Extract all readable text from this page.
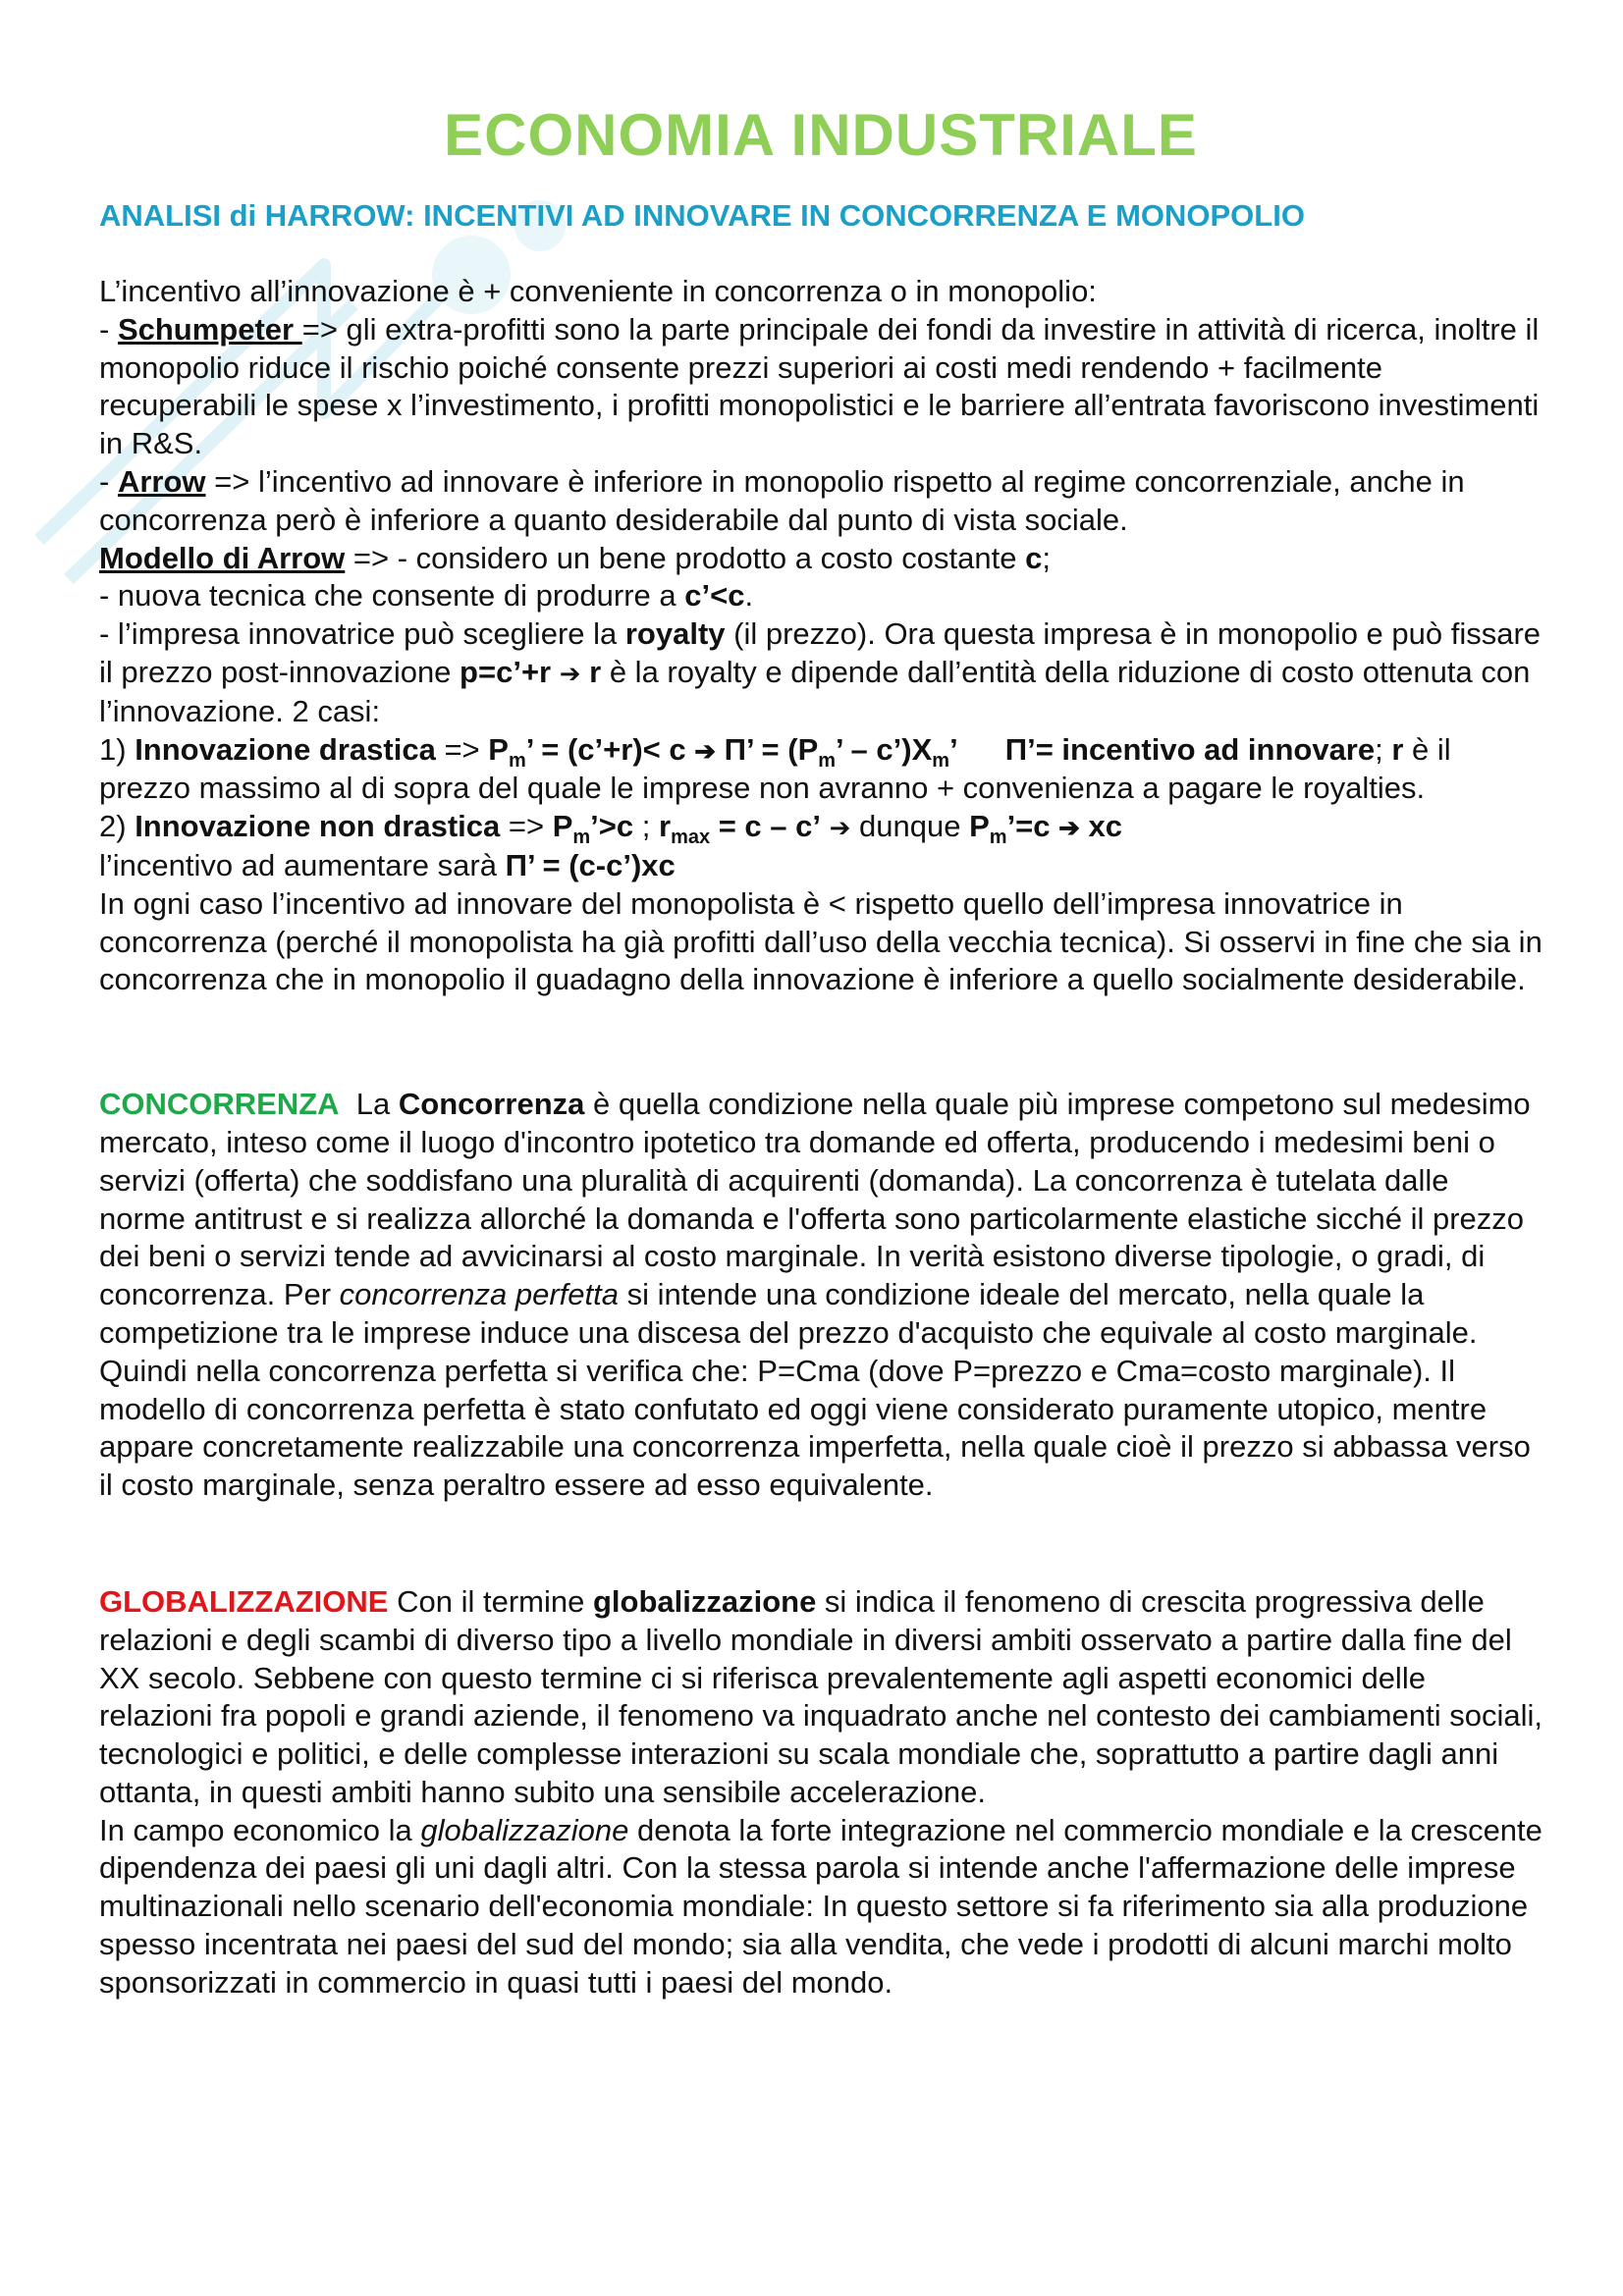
ECONOMIA INDUSTRIALE
ANALISI di HARROW: INCENTIVI AD INNOVARE IN CONCORRENZA E MONOPOLIO

L’incentivo all’innovazione è + conveniente in concorrenza o in monopolio:

- Schumpeter => gli extra-profitti sono la parte principale dei fondi da investire in attività di ricerca, inoltre il monopolio riduce il rischio poiché consente prezzi superiori ai costi medi rendendo + facilmente recuperabili le spese x l’investimento, i profitti monopolistici e le barriere all’entrata favoriscono investimenti in R&S.

- Arrow => l’incentivo ad innovare è inferiore in monopolio rispetto al regime concorrenziale, anche in concorrenza però è inferiore a quanto desiderabile dal punto di vista sociale.

Modello di Arrow => - considero un bene prodotto a costo costante c;

- nuova tecnica che consente di produrre a c’<c.

- l’impresa innovatrice può scegliere la royalty (il prezzo). Ora questa impresa è in monopolio e può fissare il prezzo post-innovazione p=c’+r ➔ r è la royalty e dipende dall’entità della riduzione di costo ottenuta con l’innovazione. 2 casi:

1) Innovazione drastica => $P_m$’ = (c’+r)< c ➔ Π’ = ($P_m$’ – $c’)X_m$’ Π’= incentivo ad innovare; r è il prezzo massimo al di sopra del quale le imprese non avranno + convenienza a pagare le royalties.

2) Innovazione non drastica => $P_m’>c$ ; $r_{max} = c - c$’ ➔ dunque $P_m’=c$ ➔ xc

l’incentivo ad aumentare sarà Π’ = (c-c’)xc

In ogni caso l’incentivo ad innovare del monopolista è < rispetto quello dell’impresa innovatrice in concorrenza (perché il monopolista ha già profitti dall’uso della vecchia tecnica). Si osservi in fine che sia in concorrenza che in monopolio il guadagno della innovazione è inferiore a quello socialmente desiderabile.

CONCORRENZA  La Concorrenza è quella condizione nella quale più imprese competono sul medesimo mercato, inteso come il luogo d'incontro ipotetico tra domande ed offerta, producendo i medesimi beni o servizi (offerta) che soddisfano una pluralità di acquirenti (domanda). La concorrenza è tutelata dalle norme antitrust e si realizza allorché la domanda e l'offerta sono particolarmente elastiche sicché il prezzo dei beni o servizi tende ad avvicinarsi al costo marginale. In verità esistono diverse tipologie, o gradi, di concorrenza. Per concorrenza perfetta si intende una condizione ideale del mercato, nella quale la competizione tra le imprese induce una discesa del prezzo d'acquisto che equivale al costo marginale. Quindi nella concorrenza perfetta si verifica che: P=Cma (dove P=prezzo e Cma=costo marginale). Il modello di concorrenza perfetta è stato confutato ed oggi viene considerato puramente utopico, mentre appare concretamente realizzabile una concorrenza imperfetta, nella quale cioè il prezzo si abbassa verso il costo marginale, senza peraltro essere ad esso equivalente.

GLOBALIZZAZIONE Con il termine globalizzazione si indica il fenomeno di crescita progressiva delle relazioni e degli scambi di diverso tipo a livello mondiale in diversi ambiti osservato a partire dalla fine del XX secolo. Sebbene con questo termine ci si riferisca prevalentemente agli aspetti economici delle relazioni fra popoli e grandi aziende, il fenomeno va inquadrato anche nel contesto dei cambiamenti sociali, tecnologici e politici, e delle complesse interazioni su scala mondiale che, soprattutto a partire dagli anni ottanta, in questi ambiti hanno subito una sensibile accelerazione.

In campo economico la globalizzazione denota la forte integrazione nel commercio mondiale e la crescente dipendenza dei paesi gli uni dagli altri. Con la stessa parola si intende anche l'affermazione delle imprese multinazionali nello scenario dell'economia mondiale: In questo settore si fa riferimento sia alla produzione spesso incentrata nei paesi del sud del mondo; sia alla vendita, che vede i prodotti di alcuni marchi molto sponsorizzati in commercio in quasi tutti i paesi del mondo.
